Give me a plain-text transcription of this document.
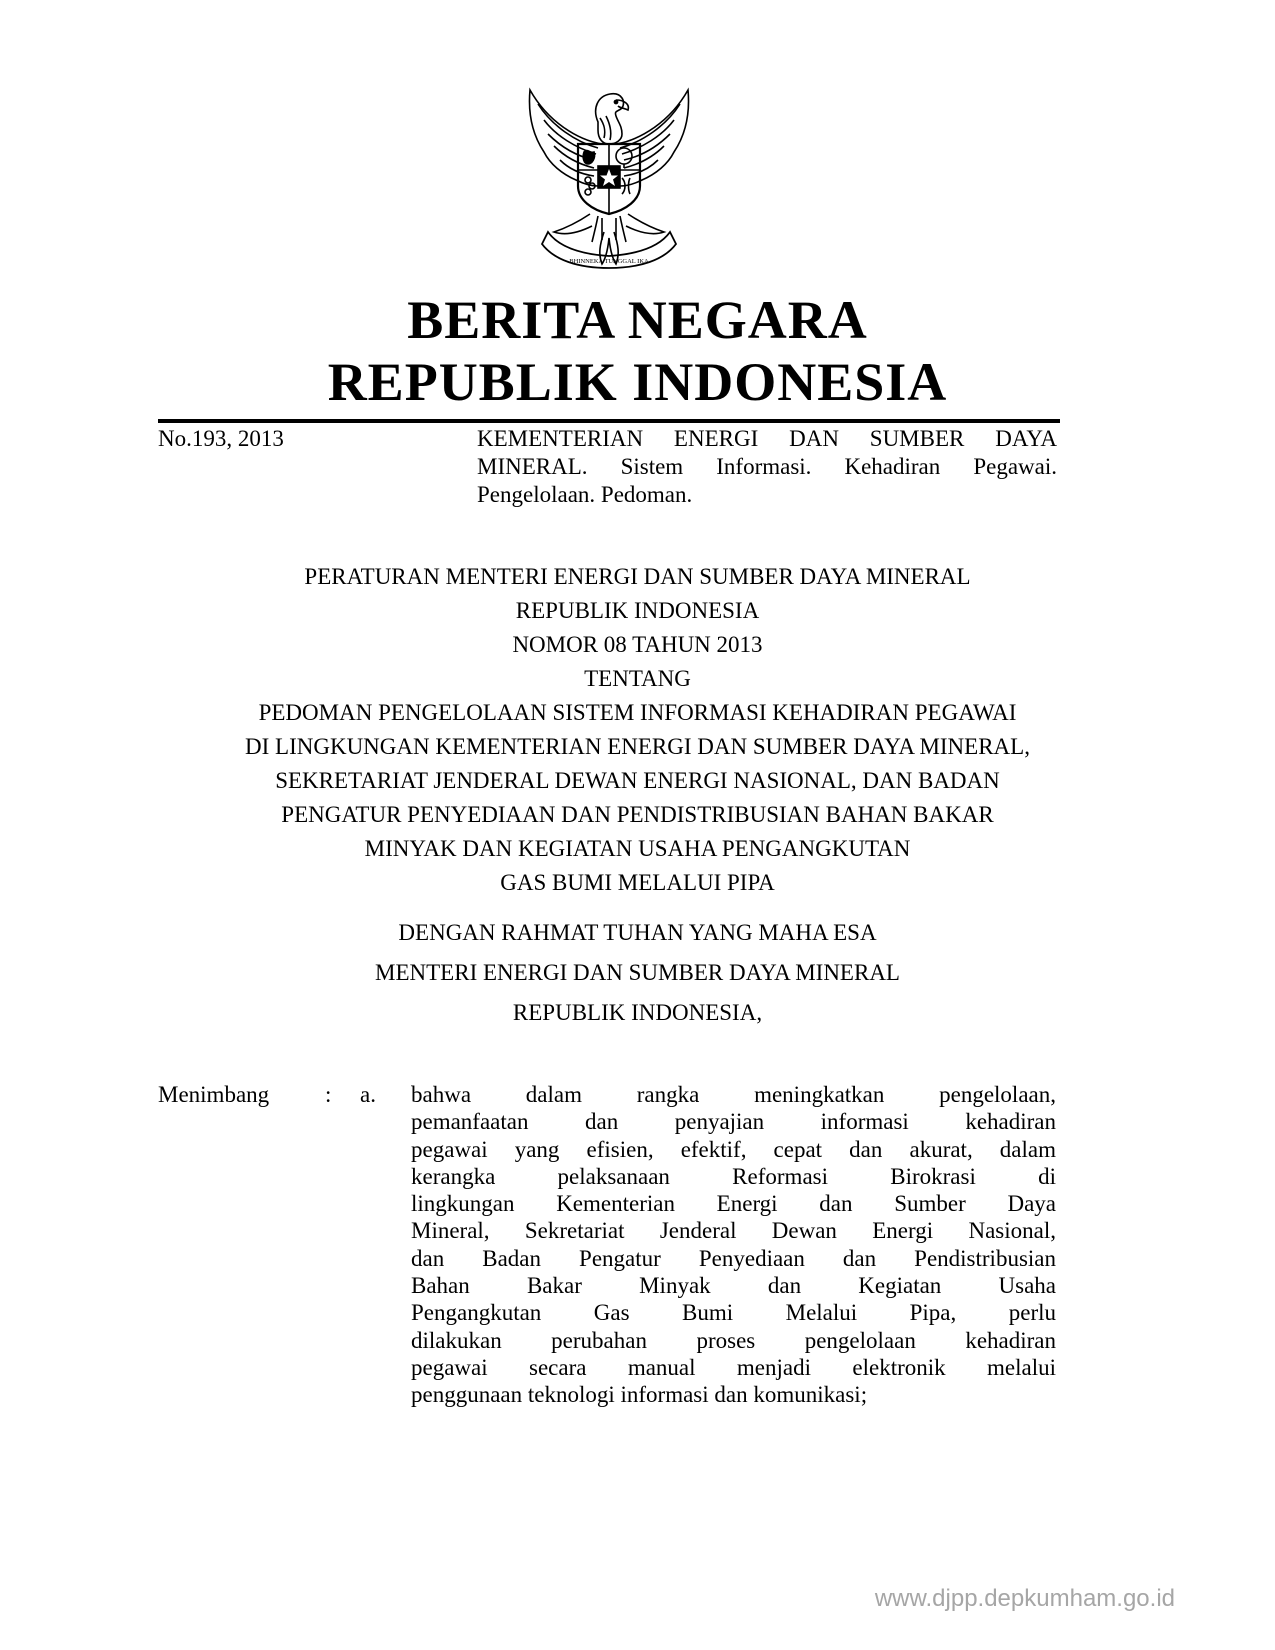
BHINNEKA TUNGGAL IKA
BERITA NEGARA
REPUBLIK INDONESIA
No.193, 2013	KEMENTERIAN ENERGI DAN SUMBER DAYA
MINERAL. Sistem Informasi. Kehadiran Pegawai.
Pengelolaan. Pedoman.
PERATURAN MENTERI ENERGI DAN SUMBER DAYA MINERAL
REPUBLIK INDONESIA
NOMOR 08 TAHUN 2013
TENTANG
PEDOMAN PENGELOLAAN SISTEM INFORMASI KEHADIRAN PEGAWAI
DI LINGKUNGAN KEMENTERIAN ENERGI DAN SUMBER DAYA MINERAL,
SEKRETARIAT JENDERAL DEWAN ENERGI NASIONAL, DAN BADAN
PENGATUR PENYEDIAAN DAN PENDISTRIBUSIAN BAHAN BAKAR
MINYAK DAN KEGIATAN USAHA PENGANGKUTAN
GAS BUMI MELALUI PIPA
DENGAN RAHMAT TUHAN YANG MAHA ESA
MENTERI ENERGI DAN SUMBER DAYA MINERAL
REPUBLIK INDONESIA,
Menimbang : a. bahwa dalam rangka meningkatkan pengelolaan,
pemanfaatan dan penyajian informasi kehadiran
pegawai yang efisien, efektif, cepat dan akurat, dalam
kerangka pelaksanaan Reformasi Birokrasi di
lingkungan Kementerian Energi dan Sumber Daya
Mineral, Sekretariat Jenderal Dewan Energi Nasional,
dan Badan Pengatur Penyediaan dan Pendistribusian
Bahan Bakar Minyak dan Kegiatan Usaha
Pengangkutan Gas Bumi Melalui Pipa, perlu
dilakukan perubahan proses pengelolaan kehadiran
pegawai secara manual menjadi elektronik melalui
penggunaan teknologi informasi dan komunikasi;
www.djpp.depkumham.go.id
